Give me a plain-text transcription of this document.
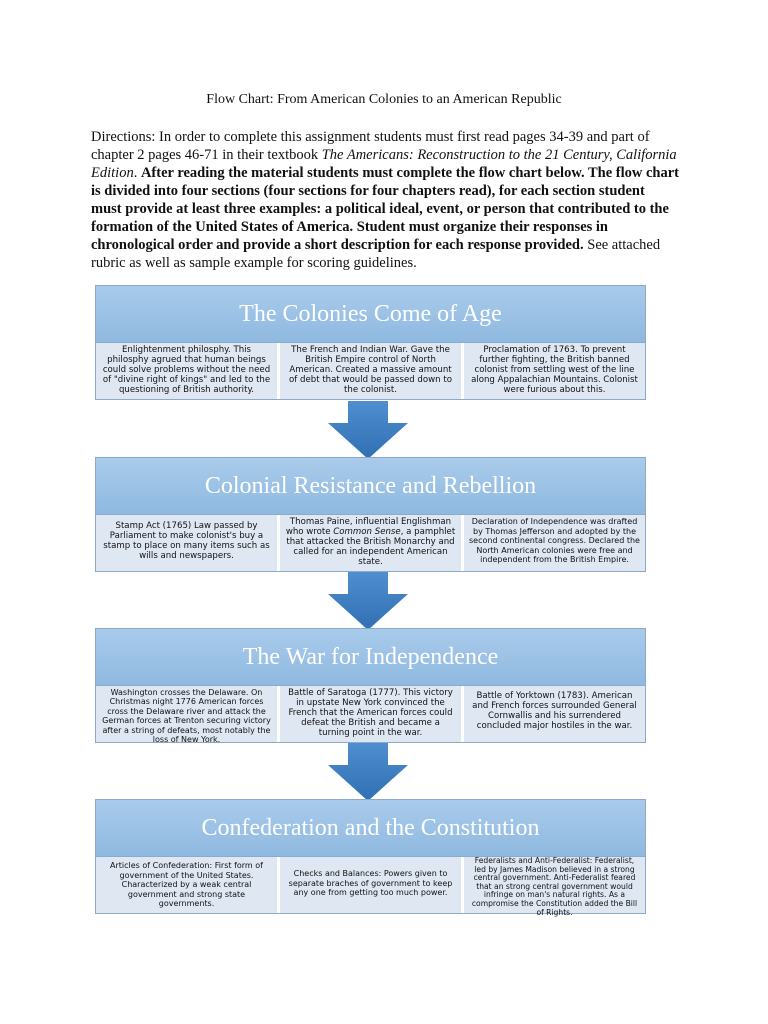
Flow Chart: From American Colonies to an American Republic
Directions: In order to complete this assignment students must first read pages 34-39 and part of chapter 2 pages 46-71 in their textbook The Americans: Reconstruction to the 21 Century, California Edition. After reading the material students must complete the flow chart below. The flow chart is divided into four sections (four sections for four chapters read), for each section student must provide at least three examples: a political ideal, event, or person that contributed to the formation of the United States of America. Student must organize their responses in chronological order and provide a short description for each response provided. See attached rubric as well as sample example for scoring guidelines.
The Colonies Come of Age
Enlightenment philosphy. This philosphy agrued that human beings could solve problems without the need of "divine right of kings" and led to the questioning of British authority.
The French and Indian War. Gave the British Empire control of North American. Created a massive amount of debt that would be passed down to the colonist.
Proclamation of 1763. To prevent further fighting, the British banned colonist from settling west of the line along Appalachian Mountains. Colonist were furious about this.
Colonial Resistance and Rebellion
Stamp Act (1765) Law passed by Parliament to make colonist's buy a stamp to place on many items such as wills and newspapers.
Thomas Paine, influential Englishman who wrote Common Sense, a pamphlet that attacked the British Monarchy and called for an independent American state.
Declaration of Independence was drafted by Thomas Jefferson and adopted by the second continental congress. Declared the North American colonies were free and independent from the British Empire.
The War for Independence
Washington crosses the Delaware. On Christmas night 1776 American forces cross the Delaware river and attack the German forces at Trenton securing victory after a string of defeats, most notably the loss of New York.
Battle of Saratoga (1777). This victory in upstate New York convinced the French that the American forces could defeat the British and became a turning point in the war.
Battle of Yorktown (1783). American and French forces surrounded General Cornwallis and his surrendered concluded major hostiles in the war.
Confederation and the Constitution
Articles of Confederation: First form of government of the United States. Characterized by a weak central government and strong state governments.
Checks and Balances: Powers given to separate braches of government to keep any one from getting too much power.
Federalists and Anti-Federalist: Federalist, led by James Madison believed in a strong central government. Anti-Federalist feared that an strong central government would infringe on man's natural rights. As a compromise the Constitution added the Bill of Rights.
